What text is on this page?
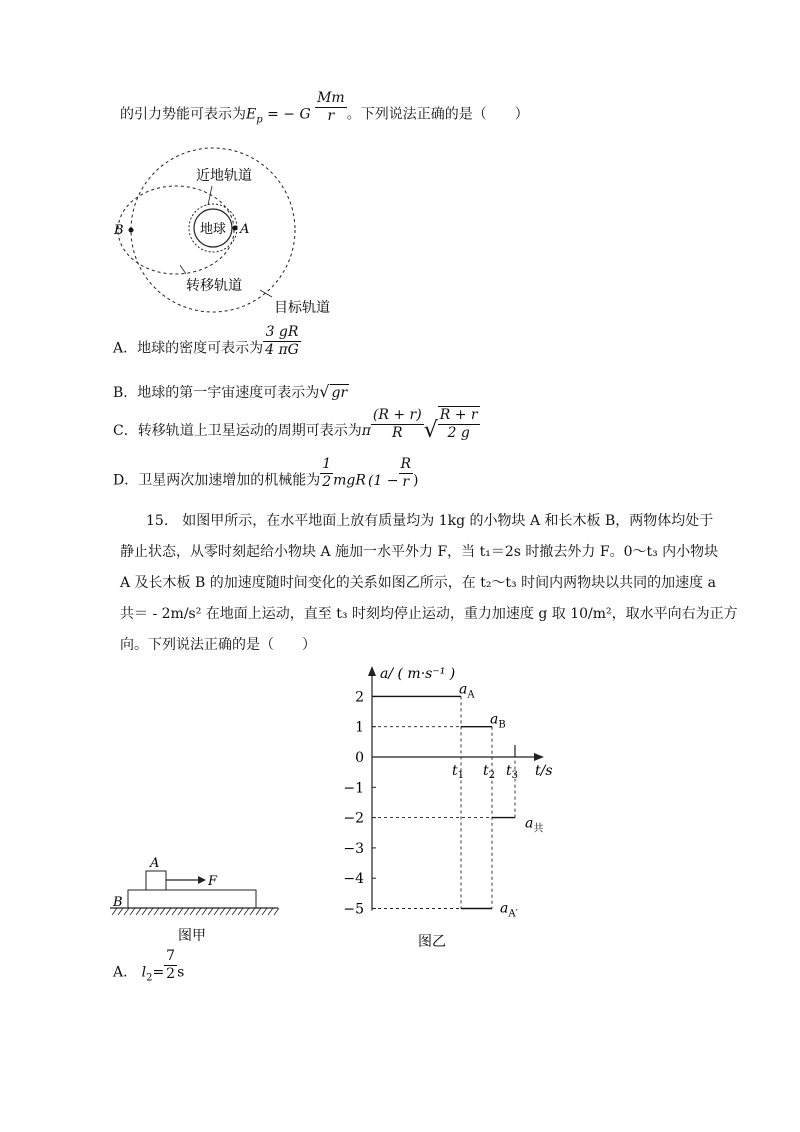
的引力势能可表示为$E_p$ = − G $\frac{Mm}{r}$ 。下列说法正确的是（　　）
地球 A
B
近地轨道
转移轨道
目标轨道
A．地球的密度可表示为 $\frac{3 gR}{4 \pi G}$
B．地球的第一宇宙速度可表示为√ gr
C．转移轨道上卫星运动的周期可表示为π $\frac{(R + r)}{R}$ √ $\frac{R + r}{2 g}$
D．卫星两次加速增加的机械能为 $\frac{1}{2}$ mgR ($1 - \frac{R}{r}$ )
15.　如图甲所示，在水平地面上放有质量均为 1kg 的小物块 A 和长木板 B，两物体均处于
静止状态，从零时刻起给小物块 A 施加一水平外力 F，当 t₁＝2s 时撤去外力 F。0～t₃ 内小物块
A 及长木板 B 的加速度随时间变化的关系如图乙所示，在 t₂～t₃ 时间内两物块以共同的加速度 a
共＝ - 2m/s² 在地面上运动，直至 t₃ 时刻均停止运动，重力加速度 g 取 10/m²，取水平向右为正方
向。下列说法正确的是（　　）
A
F
B
图甲
a/ ( m·s⁻¹ )
t/s
2
1
0
−1
−2
−3
−4
−5
$t_1$ $t_2$ $t_3$
$a_A$
$a_B$
$a_共$
$a_{A'}$
图乙
A． $l_2= \frac{7}{2}$ s
